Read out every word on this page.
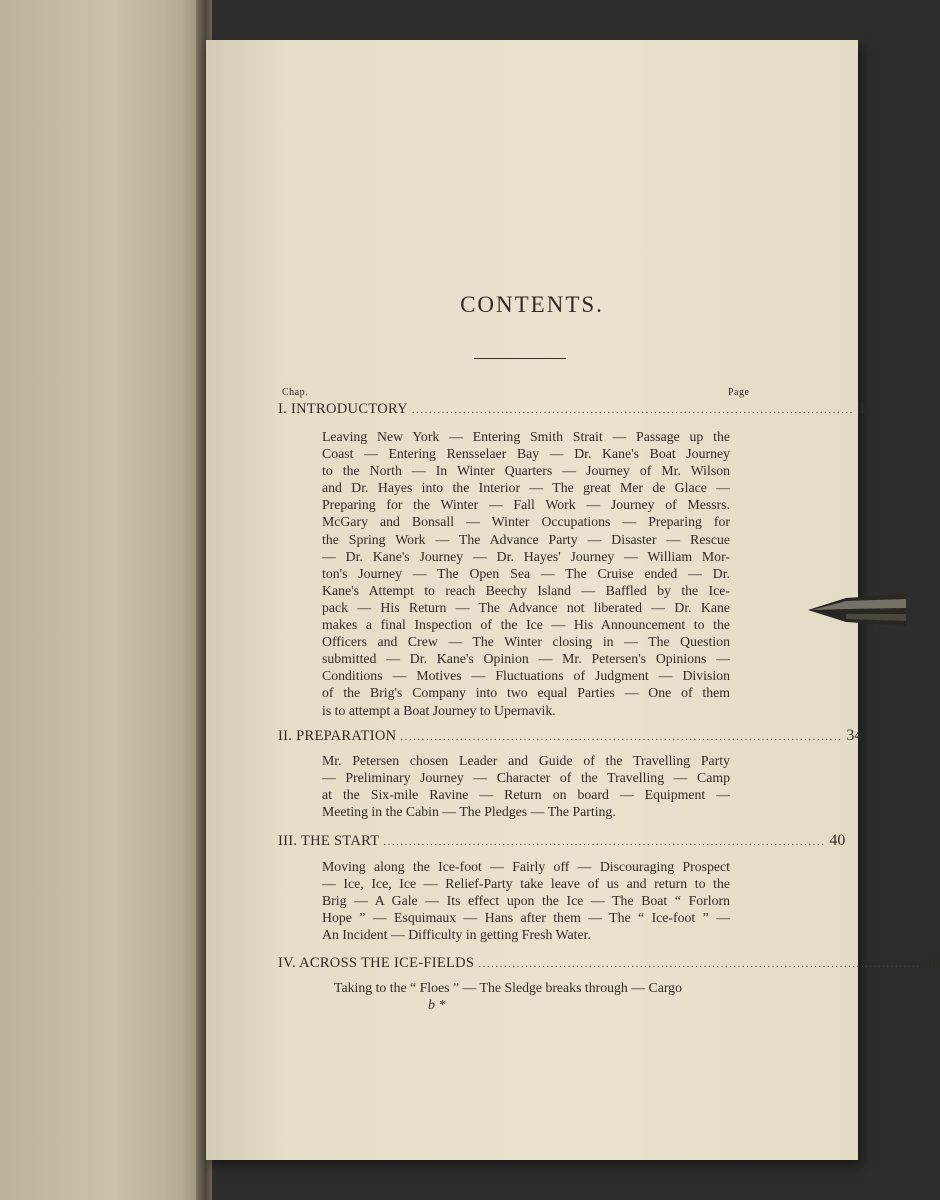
CONTENTS.
Chap.	Page
I. INTRODUCTORY ........................................................................................................ 1
Leaving New York — Entering Smith Strait — Passage up the
Coast — Entering Rensselaer Bay — Dr. Kane's Boat Journey
to the North — In Winter Quarters — Journey of Mr. Wilson
and Dr. Hayes into the Interior — The great Mer de Glace —
Preparing for the Winter — Fall Work — Journey of Messrs.
McGary and Bonsall — Winter Occupations — Preparing for
the Spring Work — The Advance Party — Disaster — Rescue
— Dr. Kane's Journey — Dr. Hayes' Journey — William Mor-
ton's Journey — The Open Sea — The Cruise ended — Dr.
Kane's Attempt to reach Beechy Island — Baffled by the Ice-
pack — His Return — The Advance not liberated — Dr. Kane
makes a final Inspection of the Ice — His Announcement to the
Officers and Crew — The Winter closing in — The Question
submitted — Dr. Kane's Opinion — Mr. Petersen's Opinions —
Conditions — Motives — Fluctuations of Judgment — Division
of the Brig's Company into two equal Parties — One of them
is to attempt a Boat Journey to Upernavik.
II. PREPARATION ........................................................................................................ 34
Mr. Petersen chosen Leader and Guide of the Travelling Party
— Preliminary Journey — Character of the Travelling — Camp
at the Six-mile Ravine — Return on board — Equipment —
Meeting in the Cabin — The Pledges — The Parting.
III. THE START ........................................................................................................ 40
Moving along the Ice-foot — Fairly off — Discouraging Prospect
— Ice, Ice, Ice — Relief-Party take leave of us and return to the
Brig — A Gale — Its effect upon the Ice — The Boat “ Forlorn
Hope ” — Esquimaux — Hans after them — The “ Ice-foot ” —
An Incident — Difficulty in getting Fresh Water.
IV. ACROSS THE ICE-FIELDS ........................................................................................................ 48
Taking to the “ Floes ” — The Sledge breaks through — Cargo
b *
